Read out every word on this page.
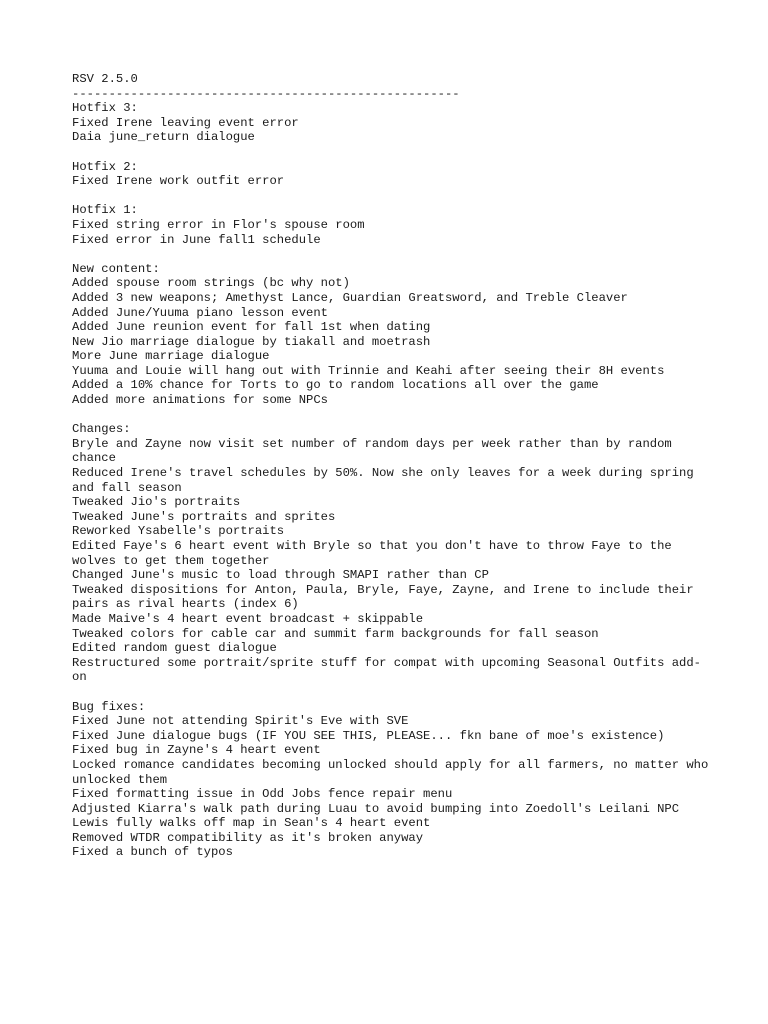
RSV 2.5.0
-----------------------------------------------------
Hotfix 3:
Fixed Irene leaving event error
Daia june_return dialogue
Hotfix 2:
Fixed Irene work outfit error
Hotfix 1:
Fixed string error in Flor's spouse room
Fixed error in June fall1 schedule
New content:
Added spouse room strings (bc why not)
Added 3 new weapons; Amethyst Lance, Guardian Greatsword, and Treble Cleaver
Added June/Yuuma piano lesson event
Added June reunion event for fall 1st when dating
New Jio marriage dialogue by tiakall and moetrash
More June marriage dialogue
Yuuma and Louie will hang out with Trinnie and Keahi after seeing their 8H events
Added a 10% chance for Torts to go to random locations all over the game
Added more animations for some NPCs
Changes:
Bryle and Zayne now visit set number of random days per week rather than by random chance
Reduced Irene's travel schedules by 50%. Now she only leaves for a week during spring and fall season
Tweaked Jio's portraits
Tweaked June's portraits and sprites
Reworked Ysabelle's portraits
Edited Faye's 6 heart event with Bryle so that you don't have to throw Faye to the wolves to get them together
Changed June's music to load through SMAPI rather than CP
Tweaked dispositions for Anton, Paula, Bryle, Faye, Zayne, and Irene to include their pairs as rival hearts (index 6)
Made Maive's 4 heart event broadcast + skippable
Tweaked colors for cable car and summit farm backgrounds for fall season
Edited random guest dialogue
Restructured some portrait/sprite stuff for compat with upcoming Seasonal Outfits add-on
Bug fixes:
Fixed June not attending Spirit's Eve with SVE
Fixed June dialogue bugs (IF YOU SEE THIS, PLEASE... fkn bane of moe's existence)
Fixed bug in Zayne's 4 heart event
Locked romance candidates becoming unlocked should apply for all farmers, no matter who unlocked them
Fixed formatting issue in Odd Jobs fence repair menu
Adjusted Kiarra's walk path during Luau to avoid bumping into Zoedoll's Leilani NPC
Lewis fully walks off map in Sean's 4 heart event
Removed WTDR compatibility as it's broken anyway
Fixed a bunch of typos
